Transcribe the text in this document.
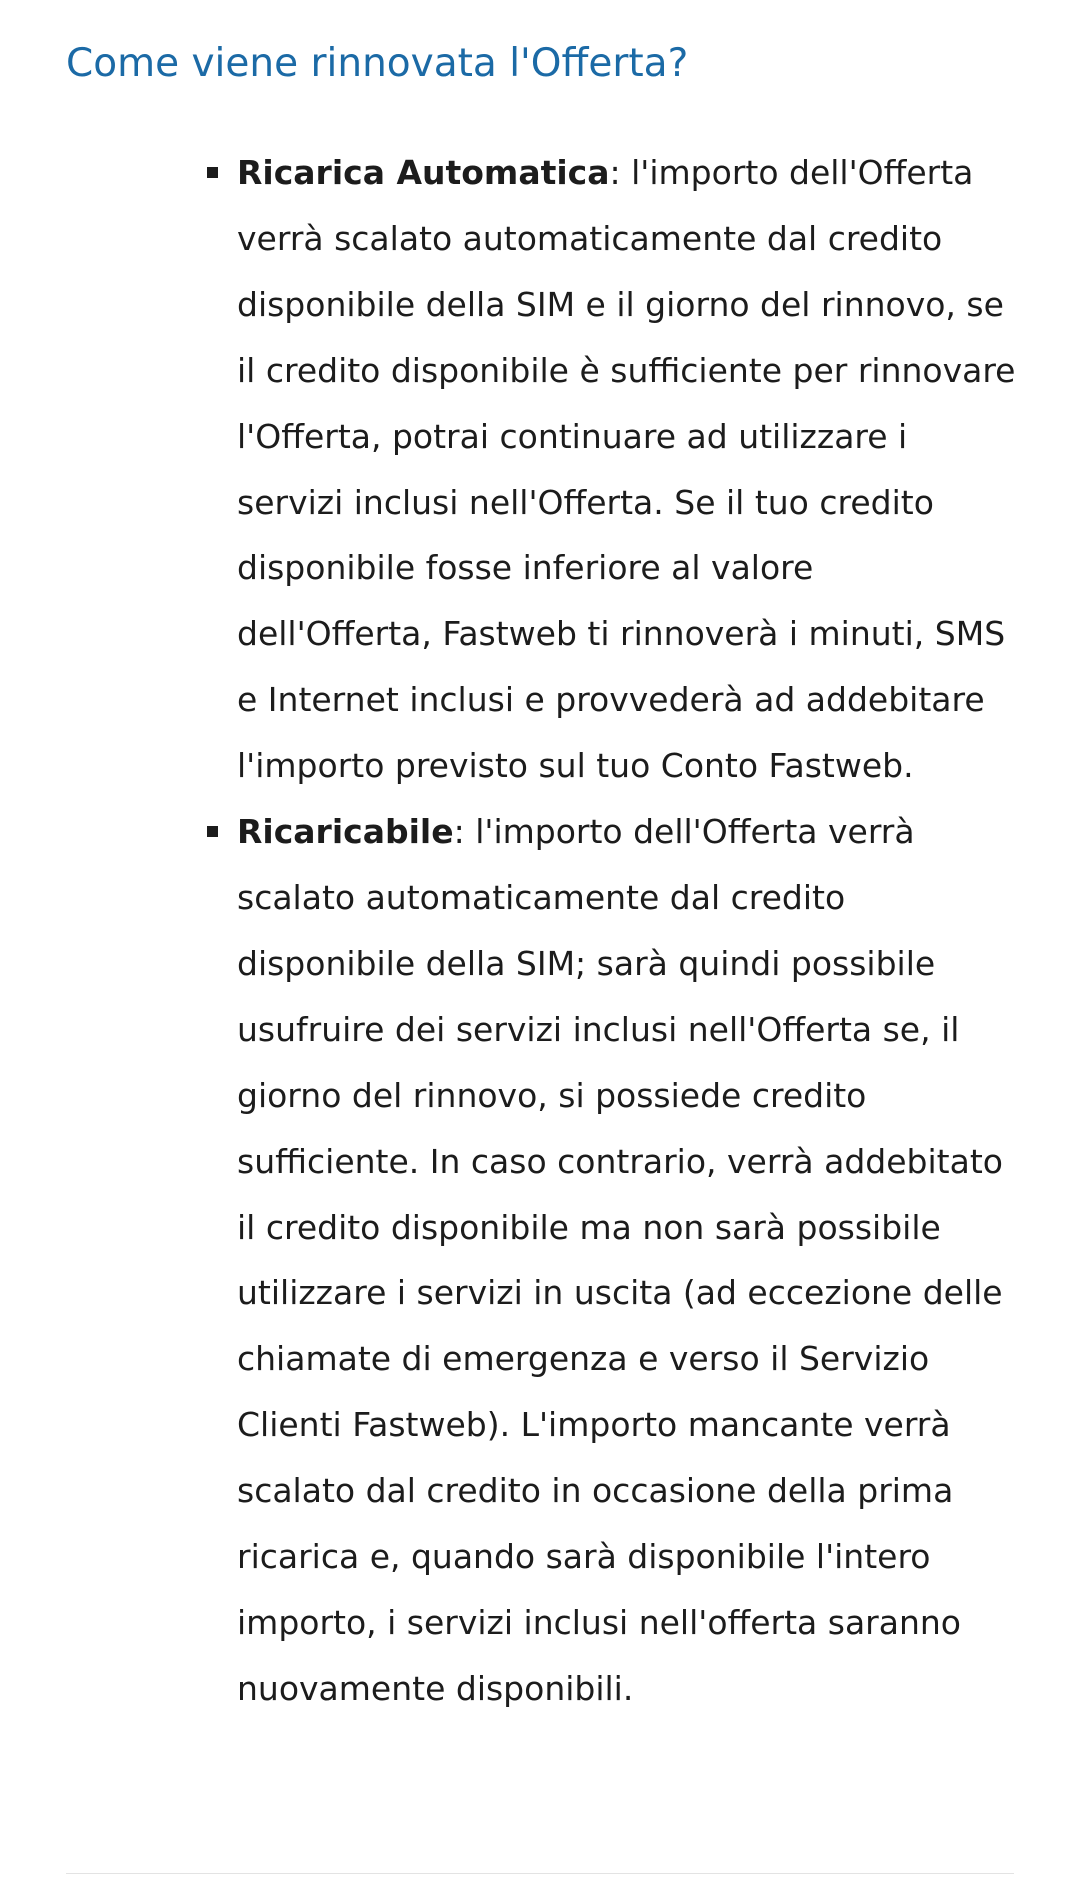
Come viene rinnovata l'Offerta?
Ricarica Automatica: l'importo dell'Offerta verrà scalato automaticamente dal credito disponibile della SIM e il giorno del rinnovo, se il credito disponibile è sufficiente per rinnovare l'Offerta, potrai continuare ad utilizzare i servizi inclusi nell'Offerta. Se il tuo credito disponibile fosse inferiore al valore dell'Offerta, Fastweb ti rinnoverà i minuti, SMS e Internet inclusi e provvederà ad addebitare l'importo previsto sul tuo Conto Fastweb.
Ricaricabile: l'importo dell'Offerta verrà scalato automaticamente dal credito disponibile della SIM; sarà quindi possibile usufruire dei servizi inclusi nell'Offerta se, il giorno del rinnovo, si possiede credito sufficiente. In caso contrario, verrà addebitato il credito disponibile ma non sarà possibile utilizzare i servizi in uscita (ad eccezione delle chiamate di emergenza e verso il Servizio Clienti Fastweb). L'importo mancante verrà scalato dal credito in occasione della prima ricarica e, quando sarà disponibile l'intero importo, i servizi inclusi nell'offerta saranno nuovamente disponibili.
